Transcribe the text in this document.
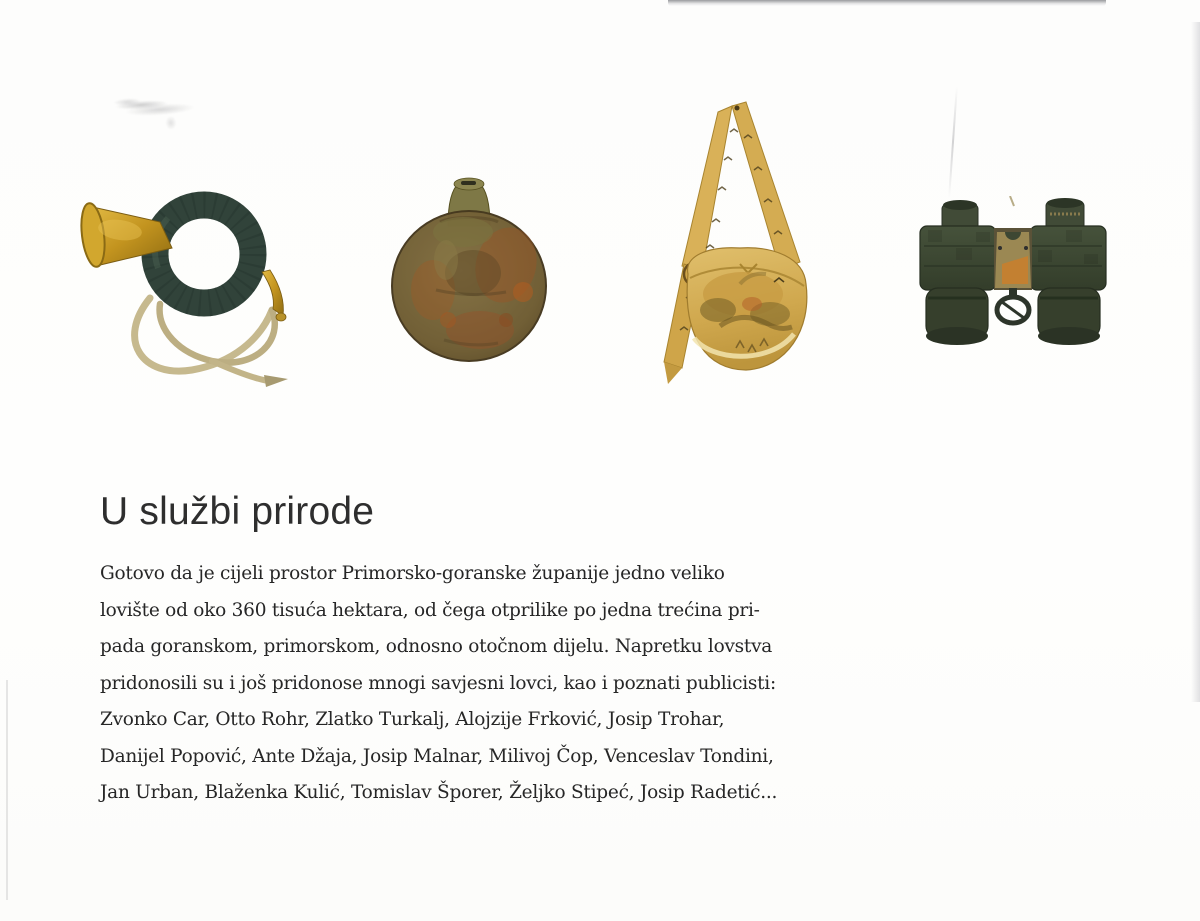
U službi prirode
Gotovo da je cijeli prostor Primorsko-goranske županije jedno veliko
lovište od oko 360 tisuća hektara, od čega otprilike po jedna trećina pri-
pada goranskom, primorskom, odnosno otočnom dijelu. Napretku lovstva
pridonosili su i još pridonose mnogi savjesni lovci, kao i poznati publicisti:
Zvonko Car, Otto Rohr, Zlatko Turkalj, Alojzije Frković, Josip Trohar,
Danijel Popović, Ante Džaja, Josip Malnar, Milivoj Čop, Venceslav Tondini,
Jan Urban, Blaženka Kulić, Tomislav Šporer, Željko Stipeć, Josip Radetić...
